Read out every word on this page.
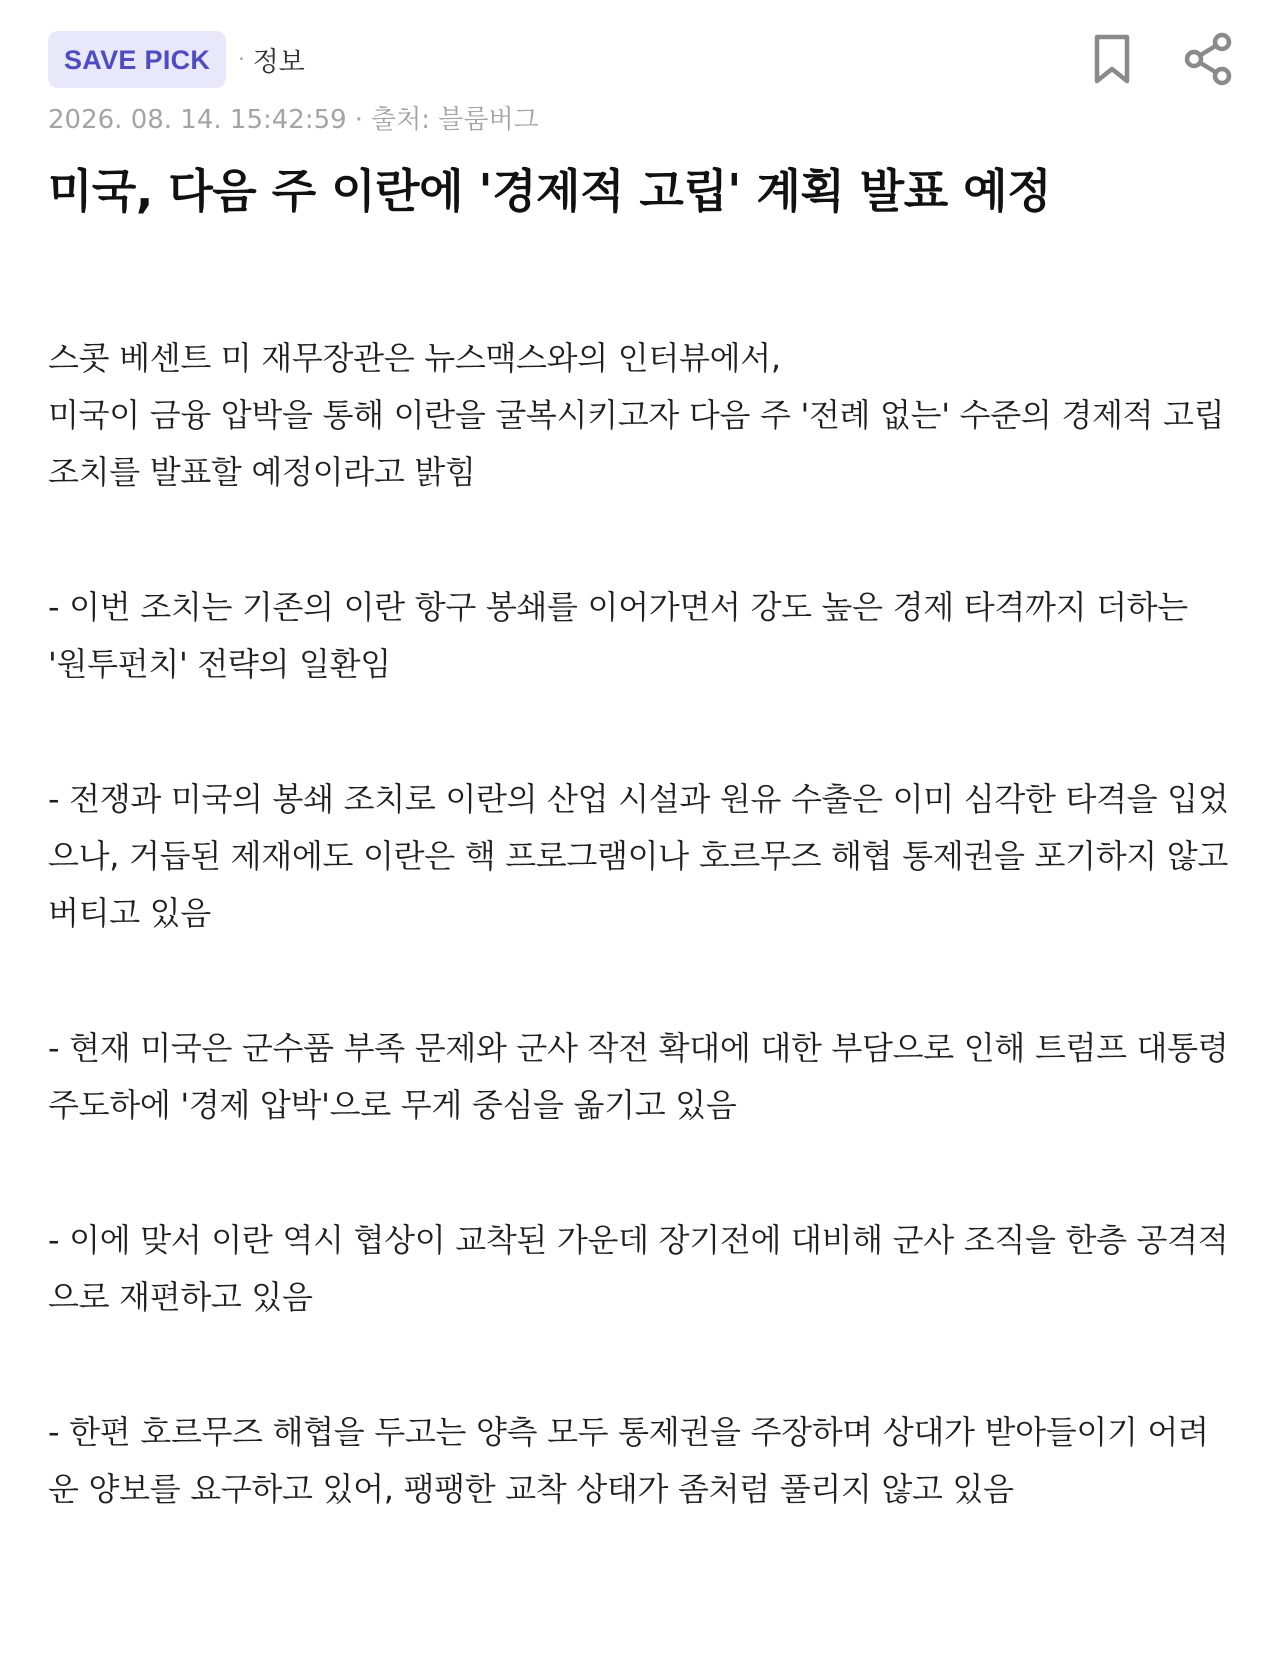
SAVE PICK	· 정보
2026. 08. 14. 15:42:59 · 출처: 블룸버그
미국, 다음 주 이란에 '경제적 고립' 계획 발표 예정
스콧 베센트 미 재무장관은 뉴스맥스와의 인터뷰에서,
미국이 금융 압박을 통해 이란을 굴복시키고자 다음 주 '전례 없는' 수준의 경제적 고립 조치를 발표할 예정이라고 밝힘
- 이번 조치는 기존의 이란 항구 봉쇄를 이어가면서 강도 높은 경제 타격까지 더하는 '원투펀치' 전략의 일환임
- 전쟁과 미국의 봉쇄 조치로 이란의 산업 시설과 원유 수출은 이미 심각한 타격을 입었으나, 거듭된 제재에도 이란은 핵 프로그램이나 호르무즈 해협 통제권을 포기하지 않고 버티고 있음
- 현재 미국은 군수품 부족 문제와 군사 작전 확대에 대한 부담으로 인해 트럼프 대통령 주도하에 '경제 압박'으로 무게 중심을 옮기고 있음
- 이에 맞서 이란 역시 협상이 교착된 가운데 장기전에 대비해 군사 조직을 한층 공격적으로 재편하고 있음
- 한편 호르무즈 해협을 두고는 양측 모두 통제권을 주장하며 상대가 받아들이기 어려운 양보를 요구하고 있어, 팽팽한 교착 상태가 좀처럼 풀리지 않고 있음
